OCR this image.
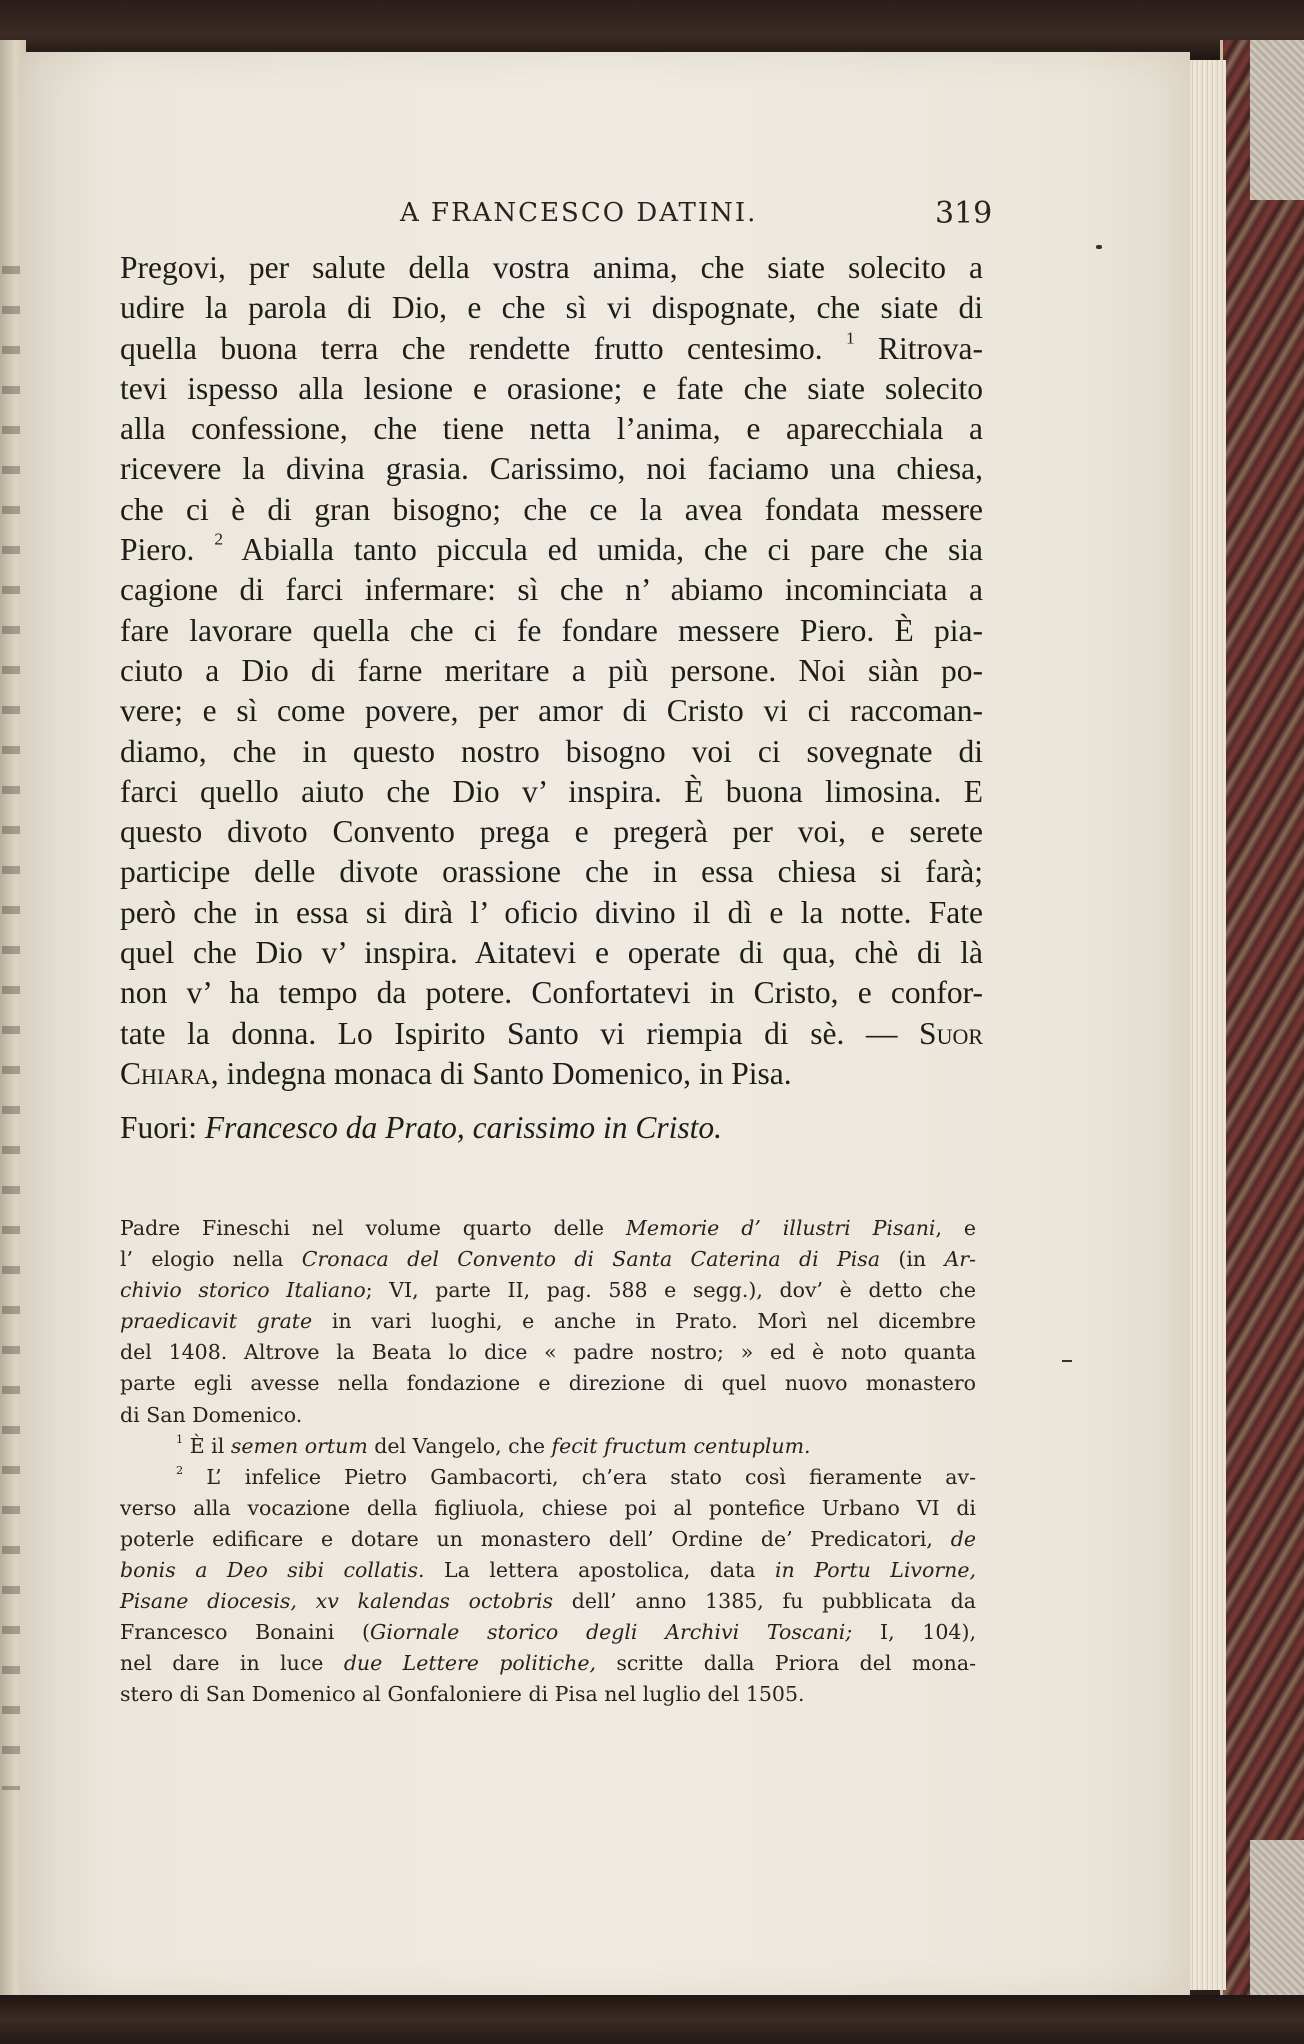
A FRANCESCO DATINI.	319
Pregovi, per salute della vostra anima, che siate solecito a
udire la parola di Dio, e che sì vi dispognate, che siate di
quella buona terra che rendette frutto centesimo. $^1$ Ritrova-
tevi ispesso alla lesione e orasione; e fate che siate solecito
alla confessione, che tiene netta l’anima, e aparecchiala a
ricevere la divina grasia. Carissimo, noi faciamo una chiesa,
che ci è di gran bisogno; che ce la avea fondata messere
Piero. $^2$ Abialla tanto piccula ed umida, che ci pare che sia
cagione di farci infermare: sì che n’ abiamo incominciata a
fare lavorare quella che ci fe fondare messere Piero. È pia-
ciuto a Dio di farne meritare a più persone. Noi siàn po-
vere; e sì come povere, per amor di Cristo vi ci raccoman-
diamo, che in questo nostro bisogno voi ci sovegnate di
farci quello aiuto che Dio v’ inspira. È buona limosina. E
questo divoto Convento prega e pregerà per voi, e serete
participe delle divote orassione che in essa chiesa si farà;
però che in essa si dirà l’ oficio divino il dì e la notte. Fate
quel che Dio v’ inspira. Aitatevi e operate di qua, chè di là
non v’ ha tempo da potere. Confortatevi in Cristo, e confor-
tate la donna. Lo Ispirito Santo vi riempia di sè. — Suor
Chiara, indegna monaca di Santo Domenico, in Pisa.
Fuori: Francesco da Prato, carissimo in Cristo.
Padre Fineschi nel volume quarto delle Memorie d’ illustri Pisani, e
l’ elogio nella Cronaca del Convento di Santa Caterina di Pisa (in Ar-
chivio storico Italiano; VI, parte II, pag. 588 e segg.), dov’ è detto che
praedicavit grate in vari luoghi, e anche in Prato. Morì nel dicembre
del 1408. Altrove la Beata lo dice « padre nostro; » ed è noto quanta
parte egli avesse nella fondazione e direzione di quel nuovo monastero
di San Domenico.
$^1$ È il semen ortum del Vangelo, che fecit fructum centuplum.
$^2$ L’ infelice Pietro Gambacorti, ch’era stato così fieramente av-
verso alla vocazione della figliuola, chiese poi al pontefice Urbano VI di
poterle edificare e dotare un monastero dell’ Ordine de’ Predicatori, de
bonis a Deo sibi collatis. La lettera apostolica, data in Portu Livorne,
Pisane diocesis, xv kalendas octobris dell’ anno 1385, fu pubblicata da
Francesco Bonaini (Giornale storico degli Archivi Toscani; I, 104),
nel dare in luce due Lettere politiche, scritte dalla Priora del mona-
stero di San Domenico al Gonfaloniere di Pisa nel luglio del 1505.
